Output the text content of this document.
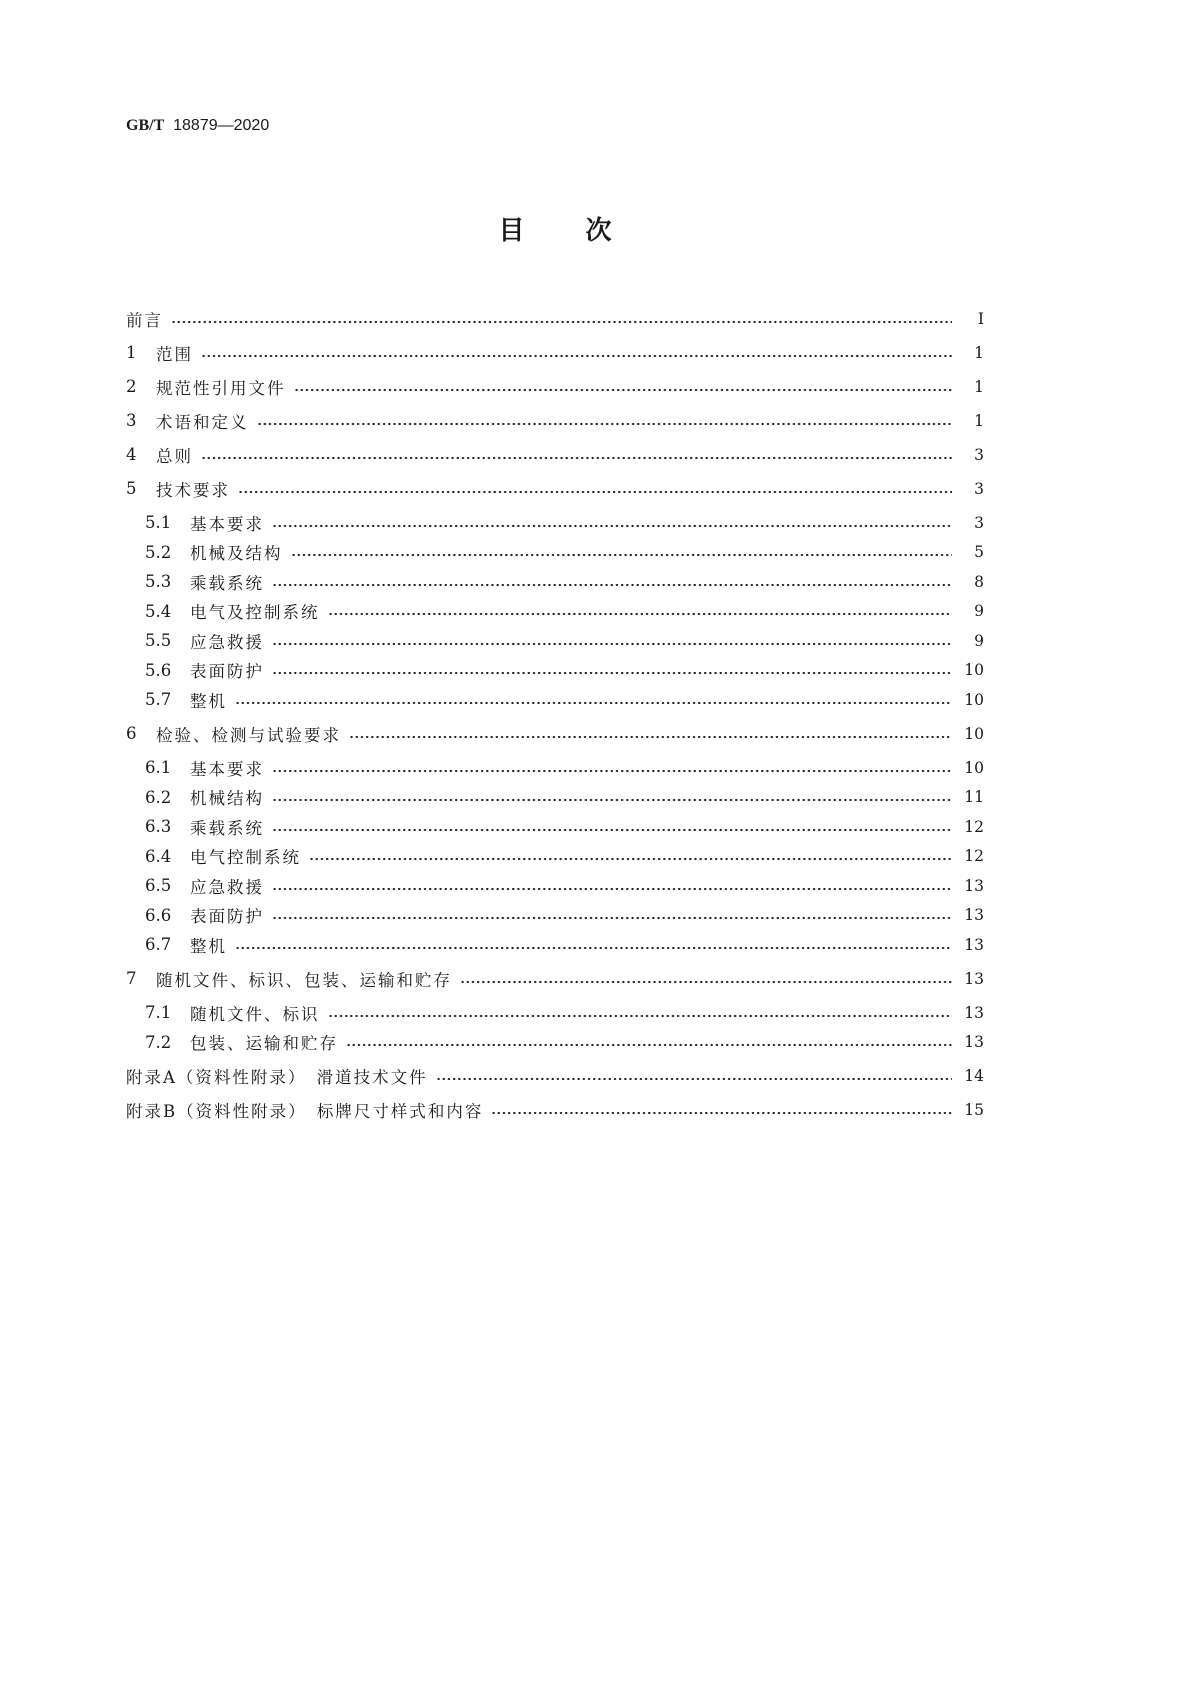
GB/T 18879—2020
目 次
前言	Ⅰ
1	范围	1
2	规范性引用文件	1
3	术语和定义	1
4	总则	3
5	技术要求	3
5.1	基本要求	3
5.2	机械及结构	5
5.3	乘载系统	8
5.4	电气及控制系统	9
5.5	应急救援	9
5.6	表面防护	10
5.7	整机	10
6	检验、检测与试验要求	10
6.1	基本要求	10
6.2	机械结构	11
6.3	乘载系统	12
6.4	电气控制系统	12
6.5	应急救援	13
6.6	表面防护	13
6.7	整机	13
7	随机文件、标识、包装、运输和贮存	13
7.1	随机文件、标识	13
7.2	包装、运输和贮存	13
附录A（资料性附录）　滑道技术文件	14
附录B（资料性附录）　标牌尺寸样式和内容	15
